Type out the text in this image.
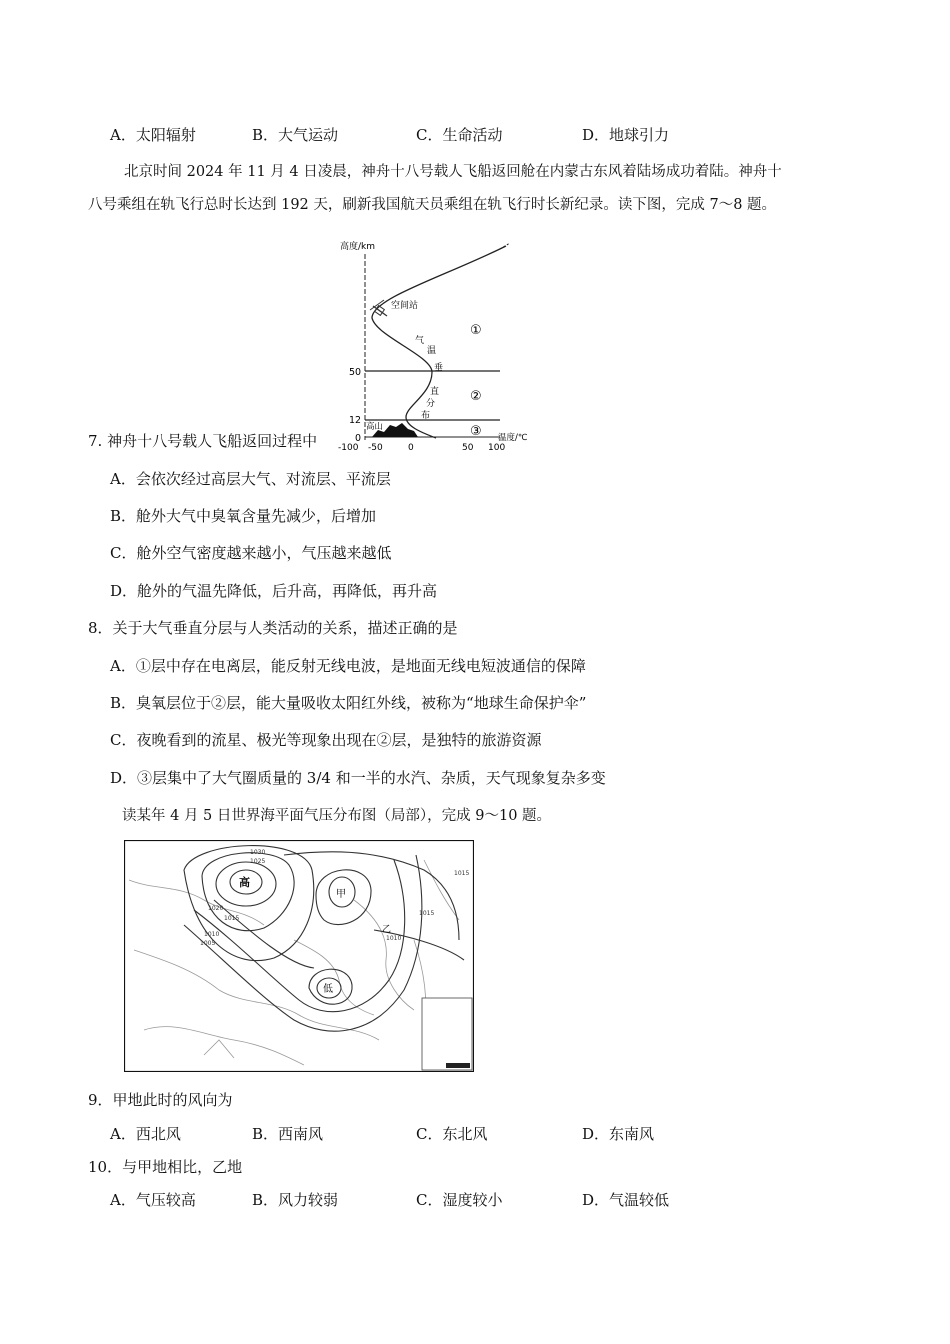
A．太阳辐射	B．大气运动	C．生命活动	D．地球引力
北京时间 2024 年 11 月 4 日凌晨，神舟十八号载人飞船返回舱在内蒙古东风着陆场成功着陆。神舟十
八号乘组在轨飞行总时长达到 192 天，刷新我国航天员乘组在轨飞行时长新纪录。读下图，完成 7～8 题。
高度/km
50
12
0
-100 -50	0	50 100
温度/℃
空间站
气
温
垂
直
分
布
①
②
③
高山
7. 神舟十八号载人飞船返回过程中
A．会依次经过高层大气、对流层、平流层
B．舱外大气中臭氧含量先减少，后增加
C．舱外空气密度越来越小，气压越来越低
D．舱外的气温先降低，后升高，再降低，再升高
8．关于大气垂直分层与人类活动的关系，描述正确的是
A．①层中存在电离层，能反射无线电波，是地面无线电短波通信的保障
B．臭氧层位于②层，能大量吸收太阳红外线，被称为“地球生命保护伞”
C．夜晚看到的流星、极光等现象出现在②层，是独特的旅游资源
D．③层集中了大气圈质量的 3/4 和一半的水汽、杂质，天气现象复杂多变
读某年 4 月 5 日世界海平面气压分布图（局部），完成 9～10 题。
高
低
甲
乙
1030
1025
1020
1015
1010
1005
1010
1015
1015
9．甲地此时的风向为
A．西北风	B．西南风	C．东北风	D．东南风
10．与甲地相比，乙地
A．气压较高	B．风力较弱	C．湿度较小	D．气温较低
